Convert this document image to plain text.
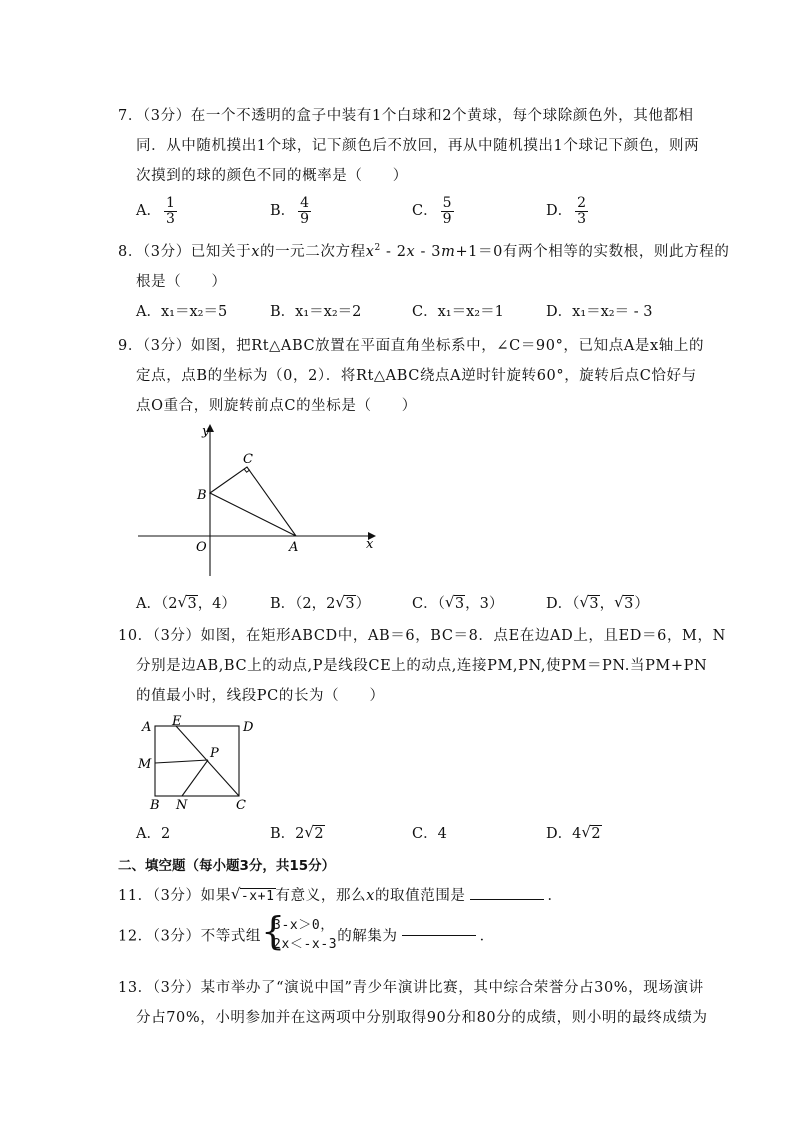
7．（3分）在一个不透明的盒子中装有1个白球和2个黄球，每个球除颜色外，其他都相
同．从中随机摸出1个球，记下颜色后不放回，再从中随机摸出1个球记下颜色，则两
次摸到的球的颜色不同的概率是（　　）
A． $\frac{1}{3}$	B． $\frac{4}{9}$	C． $\frac{5}{9}$	D． $\frac{2}{3}$
8．（3分）已知关于x的一元二次方程$x^2 - 2x - 3m+1=0$有两个相等的实数根，则此方程的
根是（　　）
A．x₁＝x₂＝5	B．x₁＝x₂＝2	C．x₁＝x₂＝1	D．x₁＝x₂＝ - 3
9．（3分）如图，把Rt△ABC放置在平面直角坐标系中，∠C＝90°，已知点A是x轴上的
定点，点B的坐标为（0，2）．将Rt△ABC绕点A逆时针旋转60°，旋转后点C恰好与
点O重合，则旋转前点C的坐标是（　　）
y
x
O	A
B
C
A．（2 √ 3，4） B．（2，2 √ 3）	C．（ √ 3，3）	D．（ √ 3， √ 3）
10．（3分）如图，在矩形ABCD中，AB＝6，BC＝8．点E在边AD上，且ED＝6，M，N
分别是边AB,BC上的动点,P是线段CE上的动点,连接PM,PN,使PM＝PN.当PM+PN
的值最小时，线段PC的长为（　　）
A E	D
M
P
B N	C
A．2	B．2 √ 2	C．4	D．4 √ 2
二、填空题（每小题3分，共15分）
11．（3分）如果 √ -x+1有意义，那么x的取值范围是	．
12．（3分）不等式组 {
3-x＞0，
2x＜-x-3 的解集为	．
13．（3分）某市举办了“演说中国”青少年演讲比赛，其中综合荣誉分占30%，现场演讲
分占70%，小明参加并在这两项中分别取得90分和80分的成绩，则小明的最终成绩为
